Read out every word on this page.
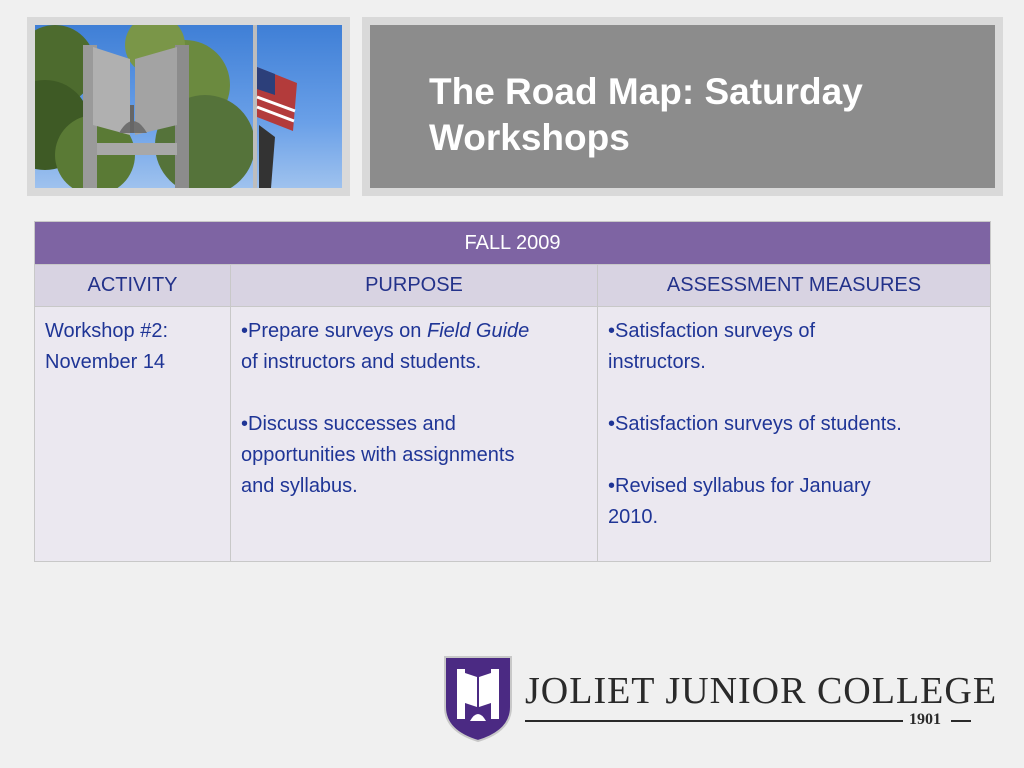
The Road Map: Saturday
Workshops
FALL 2009
ACTIVITY	PURPOSE	ASSESSMENT MEASURES
Workshop #2:
November 14
•Prepare surveys on Field Guide
of instructors and students.
•Discuss successes and
opportunities with assignments
and syllabus.
•Satisfaction surveys of
instructors.
•Satisfaction surveys of students.
•Revised syllabus for January
2010.
JOLIET JUNIOR COLLEGE
1901
